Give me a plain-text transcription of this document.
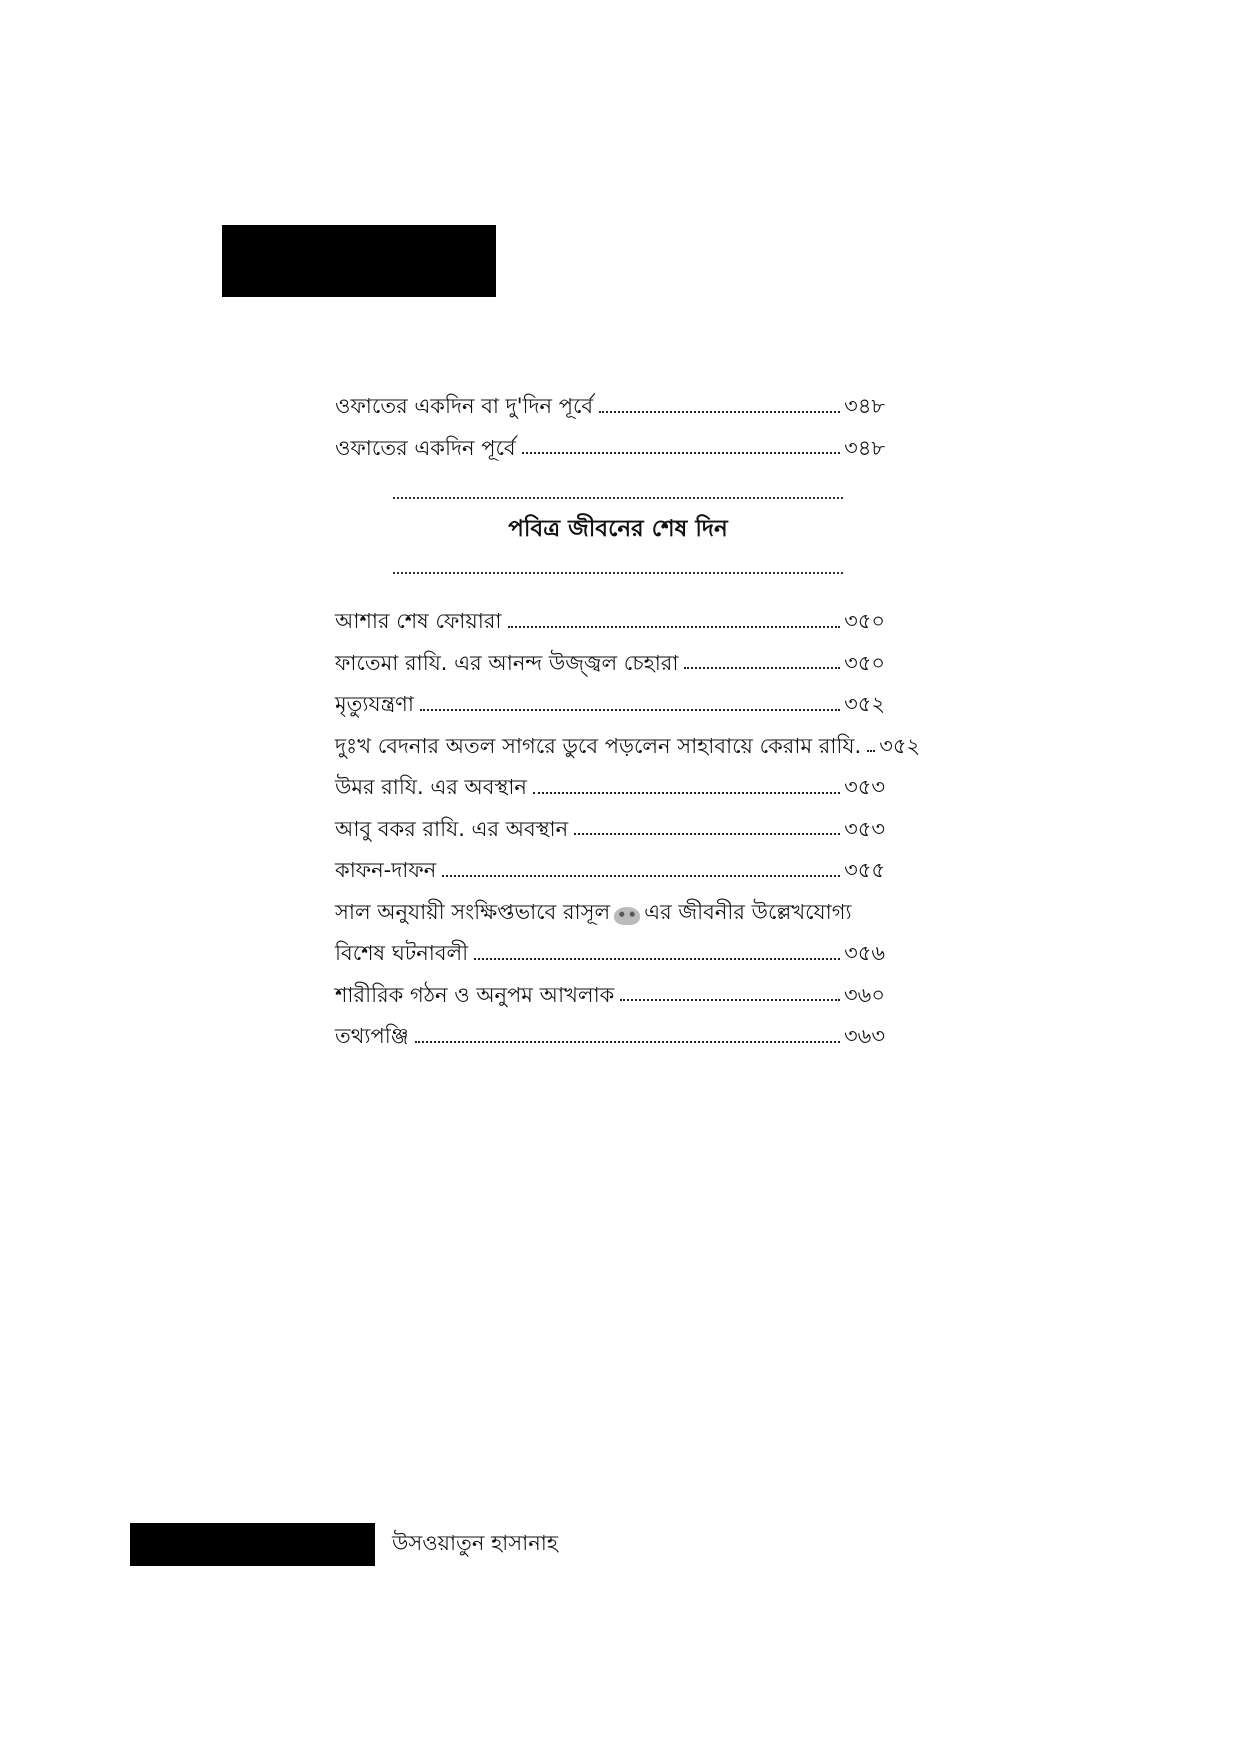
ওফাতের একদিন বা দু'দিন পূর্বে	৩৪৮
ওফাতের একদিন পূর্বে	৩৪৮
পবিত্র জীবনের শেষ দিন
আশার শেষ ফোয়ারা	৩৫০
ফাতেমা রাযি. এর আনন্দ উজ্জ্বল চেহারা	৩৫০
মৃত্যুযন্ত্রণা	৩৫২
দুঃখ বেদনার অতল সাগরে ডুবে পড়লেন সাহাবায়ে কেরাম রাযি. ৩৫২
উমর রাযি. এর অবস্থান	৩৫৩
আবু বকর রাযি. এর অবস্থান	৩৫৩
কাফন-দাফন	৩৫৫
সাল অনুযায়ী সংক্ষিপ্তভাবে রাসূল এর জীবনীর উল্লেখযোগ্য
বিশেষ ঘটনাবলী	৩৫৬
শারীরিক গঠন ও অনুপম আখলাক	৩৬০
তথ্যপঞ্জি	৩৬৩
উসওয়াতুন হাসানাহ
